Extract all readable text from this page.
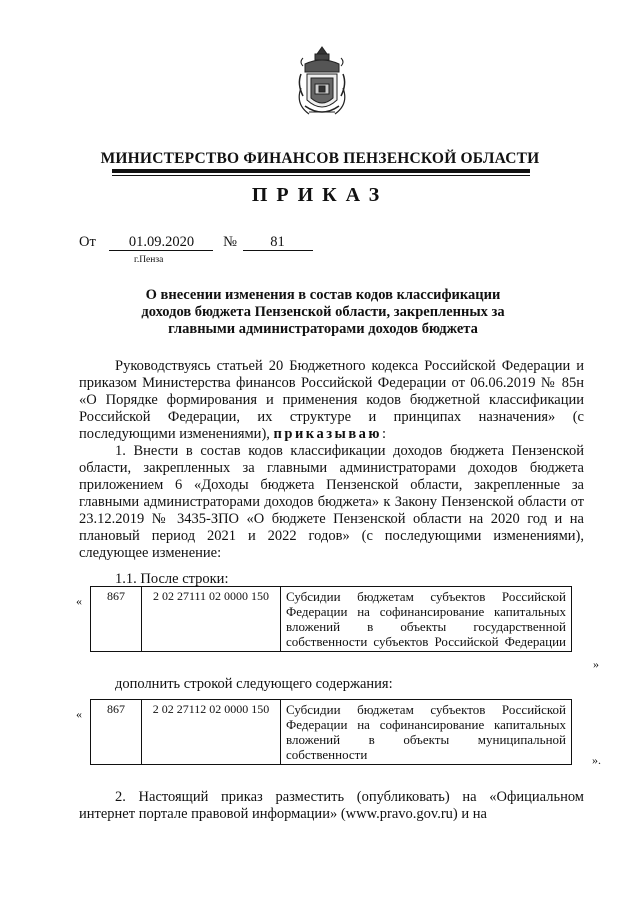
МИНИСТЕРСТВО ФИНАНСОВ ПЕНЗЕНСКОЙ ОБЛАСТИ
ПРИКАЗ
От 01.09.2020 № 81
г.Пенза
О внесении изменения в состав кодов классификации доходов бюджета Пензенской области, закрепленных за главными администраторами доходов бюджета
Руководствуясь статьей 20 Бюджетного кодекса Российской Федерации и приказом Министерства финансов Российской Федерации от 06.06.2019 № 85н «О Порядке формирования и применения кодов бюджетной классификации Российской Федерации, их структуре и принципах назначения» (с последующими изменениями), приказываю:
1. Внести в состав кодов классификации доходов бюджета Пензенской области, закрепленных за главными администраторами доходов бюджета приложением 6 «Доходы бюджета Пензенской области, закрепленные за главными администраторами доходов бюджета» к Закону Пензенской области от 23.12.2019 № 3435-ЗПО «О бюджете Пензенской области на 2020 год и на плановый период 2021 и 2022 годов» (с последующими изменениями), следующее изменение:
1.1. После строки:
« 867	2 02 27111 02 0000 150	Субсидии бюджетам субъектов Российской Федерации на софинансирование капитальных вложений в объекты государственной собственности субъектов Российской Федерации
»
дополнить строкой следующего содержания:
« 867	2 02 27112 02 0000 150	Субсидии бюджетам субъектов Российской Федерации на софинансирование капитальных вложений в объекты муниципальной собственности	».
2. Настоящий приказ разместить (опубликовать) на «Официальном интернет портале правовой информации» (www.pravo.gov.ru) и на
